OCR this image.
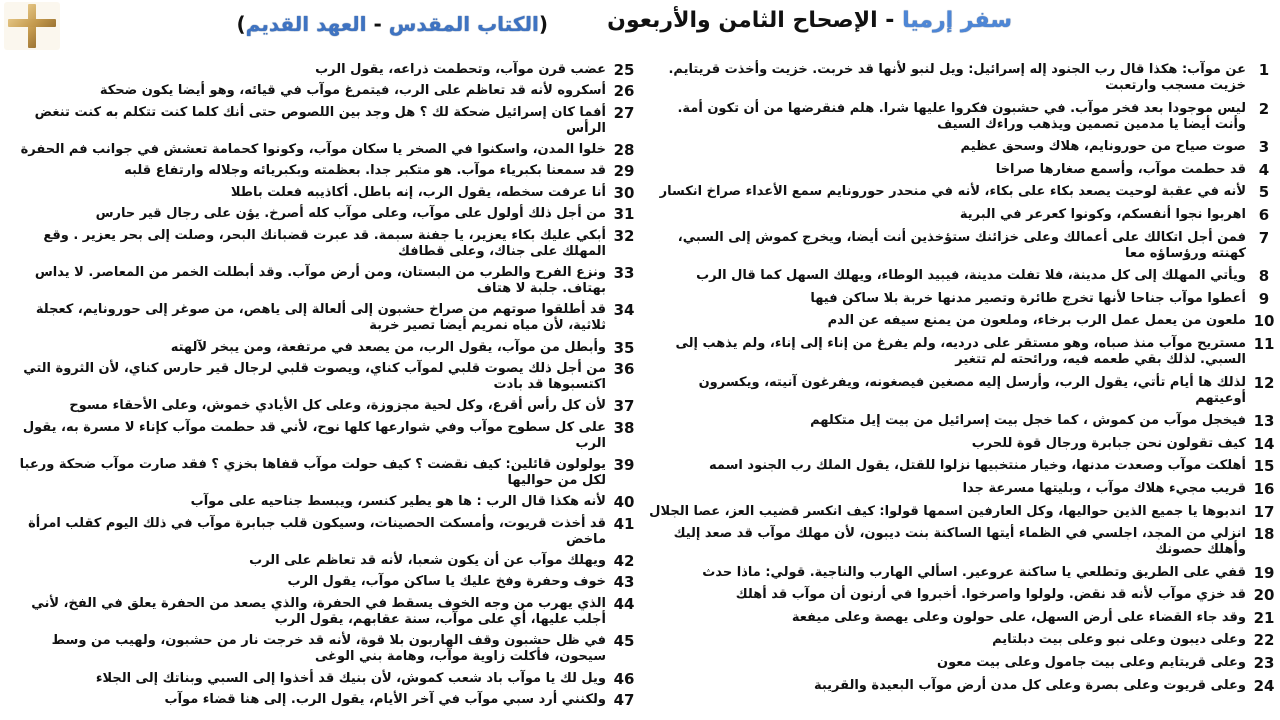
سفر إرميا - الإصحاح الثامن والأربعون
(الكتاب المقدس - العهد القديم)
1
عن موآب: هكذا قال رب الجنود إله إسرائيل: ويل لنبو لأنها قد خربت. خزيت وأخذت قريتايم. خزيت مسجب وارتعبت
2
ليس موجودا بعد فخر موآب. في حشبون فكروا عليها شرا. هلم فنقرضها من أن تكون أمة. وأنت أيضا يا مدمين تصمين ويذهب وراءك السيف
3
صوت صياح من حورونايم، هلاك وسحق عظيم
4
قد حطمت موآب، وأسمع صغارها صراخا
5
لأنه في عقبة لوحيت يصعد بكاء على بكاء، لأنه في منحدر حورونايم سمع الأعداء صراخ انكسار
6
اهربوا نجوا أنفسكم، وكونوا كعرعر في البرية
7
فمن أجل اتكالك على أعمالك وعلى خزائنك ستؤخذين أنت أيضا، ويخرج كموش إلى السبي، كهنته ورؤساؤه معا
8
ويأتي المهلك إلى كل مدينة، فلا تفلت مدينة، فيبيد الوطاء، ويهلك السهل كما قال الرب
9
أعطوا موآب جناحا لأنها تخرج طائرة وتصير مدنها خربة بلا ساكن فيها
10
ملعون من يعمل عمل الرب برخاء، وملعون من يمنع سيفه عن الدم
11
مستريح موآب منذ صباه، وهو مستقر على درديه، ولم يفرغ من إناء إلى إناء، ولم يذهب إلى السبي. لذلك بقي طعمه فيه، ورائحته لم تتغير
12
لذلك ها أيام تأتي، يقول الرب، وأرسل إليه مصغين فيصغونه، ويفرغون آنيته، ويكسرون أوعيتهم
13
فيخجل موآب من كموش ، كما خجل بيت إسرائيل من بيت إيل متكلهم
14
كيف تقولون نحن جبابرة ورجال قوة للحرب
15
أهلكت موآب وصعدت مدنها، وخيار منتخبيها نزلوا للقتل، يقول الملك رب الجنود اسمه
16
قريب مجيء هلاك موآب ، وبليتها مسرعة جدا
17
اندبوها يا جميع الذين حواليها، وكل العارفين اسمها قولوا: كيف انكسر قضيب العز، عصا الجلال
18
انزلي من المجد، اجلسي في الظماء أيتها الساكنة بنت ديبون، لأن مهلك موآب قد صعد إليك وأهلك حصونك
19
قفي على الطريق وتطلعي يا ساكنة عروعير. اسألي الهارب والناجية. قولي: ماذا حدث
20
قد خزي موآب لأنه قد نقض. ولولوا واصرخوا. أخبروا في أرنون أن موآب قد أهلك
21
وقد جاء القضاء على أرض السهل، على حولون وعلى يهصة وعلى ميفعة
22
وعلى ديبون وعلى نبو وعلى بيت دبلتايم
23
وعلى قريتايم وعلى بيت جامول وعلى بيت معون
24
وعلى قريوت وعلى بصرة وعلى كل مدن أرض موآب البعيدة والقريبة
25
عضب قرن موآب، وتحطمت ذراعه، يقول الرب
26
أسكروه لأنه قد تعاظم على الرب، فيتمرغ موآب في قيائه، وهو أيضا يكون ضحكة
27
أفما كان إسرائيل ضحكة لك ؟ هل وجد بين اللصوص حتى أنك كلما كنت تتكلم به كنت تنغض الرأس
28
خلوا المدن، واسكنوا في الصخر يا سكان موآب، وكونوا كحمامة تعشش في جوانب فم الحفرة
29
قد سمعنا بكبرياء موآب. هو متكبر جدا. بعظمته وبكبريائه وجلاله وارتفاع قلبه
30
أنا عرفت سخطه، يقول الرب، إنه باطل. أكاذيبه فعلت باطلا
31
من أجل ذلك أولول على موآب، وعلى موآب كله أصرخ. يؤن على رجال قير حارس
32
أبكي عليك بكاء يعزير، يا جفنة سبمة. قد عبرت قضبانك البحر، وصلت إلى بحر يعزير . وقع المهلك على جناك، وعلى قطافك
33
ونزع الفرح والطرب من البستان، ومن أرض موآب. وقد أبطلت الخمر من المعاصر. لا يداس بهتاف. جلبة لا هتاف
34
قد أطلقوا صوتهم من صراخ حشبون إلى ألعالة إلى ياهص، من صوغر إلى حورونايم، كعجلة ثلاثية، لأن مياه نمريم أيضا تصير خربة
35
وأبطل من موآب، يقول الرب، من يصعد في مرتفعة، ومن يبخر لآلهته
36
من أجل ذلك يصوت قلبي لموآب كناي، ويصوت قلبي لرجال قير حارس كناي، لأن الثروة التي اكتسبوها قد بادت
37
لأن كل رأس أقرع، وكل لحية مجزوزة، وعلى كل الأيادي خموش، وعلى الأحقاء مسوح
38
على كل سطوح موآب وفي شوارعها كلها نوح، لأني قد حطمت موآب كإناء لا مسرة به، يقول الرب
39
يولولون قائلين: كيف نقضت ؟ كيف حولت موآب قفاها بخزي ؟ فقد صارت موآب ضحكة ورعبا لكل من حواليها
40
لأنه هكذا قال الرب : ها هو يطير كنسر، ويبسط جناحيه على موآب
41
قد أخذت قريوت، وأمسكت الحصينات، وسيكون قلب جبابرة موآب في ذلك اليوم كقلب امرأة ماخض
42
ويهلك موآب عن أن يكون شعبا، لأنه قد تعاظم على الرب
43
خوف وحفرة وفخ عليك يا ساكن موآب، يقول الرب
44
الذي يهرب من وجه الخوف يسقط في الحفرة، والذي يصعد من الحفرة يعلق في الفخ، لأني أجلب عليها، أي على موآب، سنة عقابهم، يقول الرب
45
في ظل حشبون وقف الهاربون بلا قوة، لأنه قد خرجت نار من حشبون، ولهيب من وسط سيحون، فأكلت زاوية موآب، وهامة بني الوغى
46
ويل لك يا موآب باد شعب كموش، لأن بنيك قد أخذوا إلى السبي وبناتك إلى الجلاء
47
ولكنني أرد سبي موآب في آخر الأيام، يقول الرب. إلى هنا قضاء موآب
